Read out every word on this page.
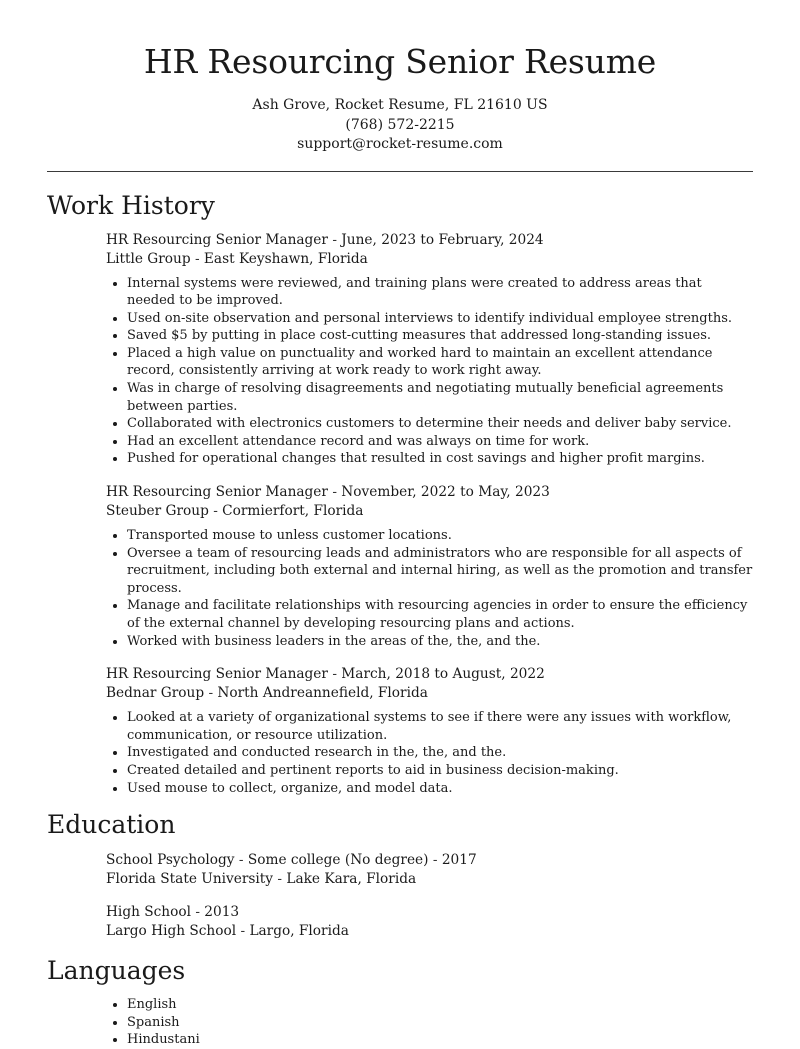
HR Resourcing Senior Resume
Ash Grove, Rocket Resume, FL 21610 US
(768) 572-2215
support@rocket-resume.com
Work History
HR Resourcing Senior Manager - June, 2023 to February, 2024
Little Group - East Keyshawn, Florida
• Internal systems were reviewed, and training plans were created to address areas that needed to be improved.
• Used on-site observation and personal interviews to identify individual employee strengths.
• Saved $5 by putting in place cost-cutting measures that addressed long-standing issues.
• Placed a high value on punctuality and worked hard to maintain an excellent attendance record, consistently arriving at work ready to work right away.
• Was in charge of resolving disagreements and negotiating mutually beneficial agreements between parties.
• Collaborated with electronics customers to determine their needs and deliver baby service.
• Had an excellent attendance record and was always on time for work.
• Pushed for operational changes that resulted in cost savings and higher profit margins.
HR Resourcing Senior Manager - November, 2022 to May, 2023
Steuber Group - Cormierfort, Florida
• Transported mouse to unless customer locations.
• Oversee a team of resourcing leads and administrators who are responsible for all aspects of recruitment, including both external and internal hiring, as well as the promotion and transfer process.
• Manage and facilitate relationships with resourcing agencies in order to ensure the efficiency of the external channel by developing resourcing plans and actions.
• Worked with business leaders in the areas of the, the, and the.
HR Resourcing Senior Manager - March, 2018 to August, 2022
Bednar Group - North Andreannefield, Florida
• Looked at a variety of organizational systems to see if there were any issues with workflow, communication, or resource utilization.
• Investigated and conducted research in the, the, and the.
• Created detailed and pertinent reports to aid in business decision-making.
• Used mouse to collect, organize, and model data.
Education
School Psychology - Some college (No degree) - 2017
Florida State University - Lake Kara, Florida
High School - 2013
Largo High School - Largo, Florida
Languages
• English
• Spanish
• Hindustani
